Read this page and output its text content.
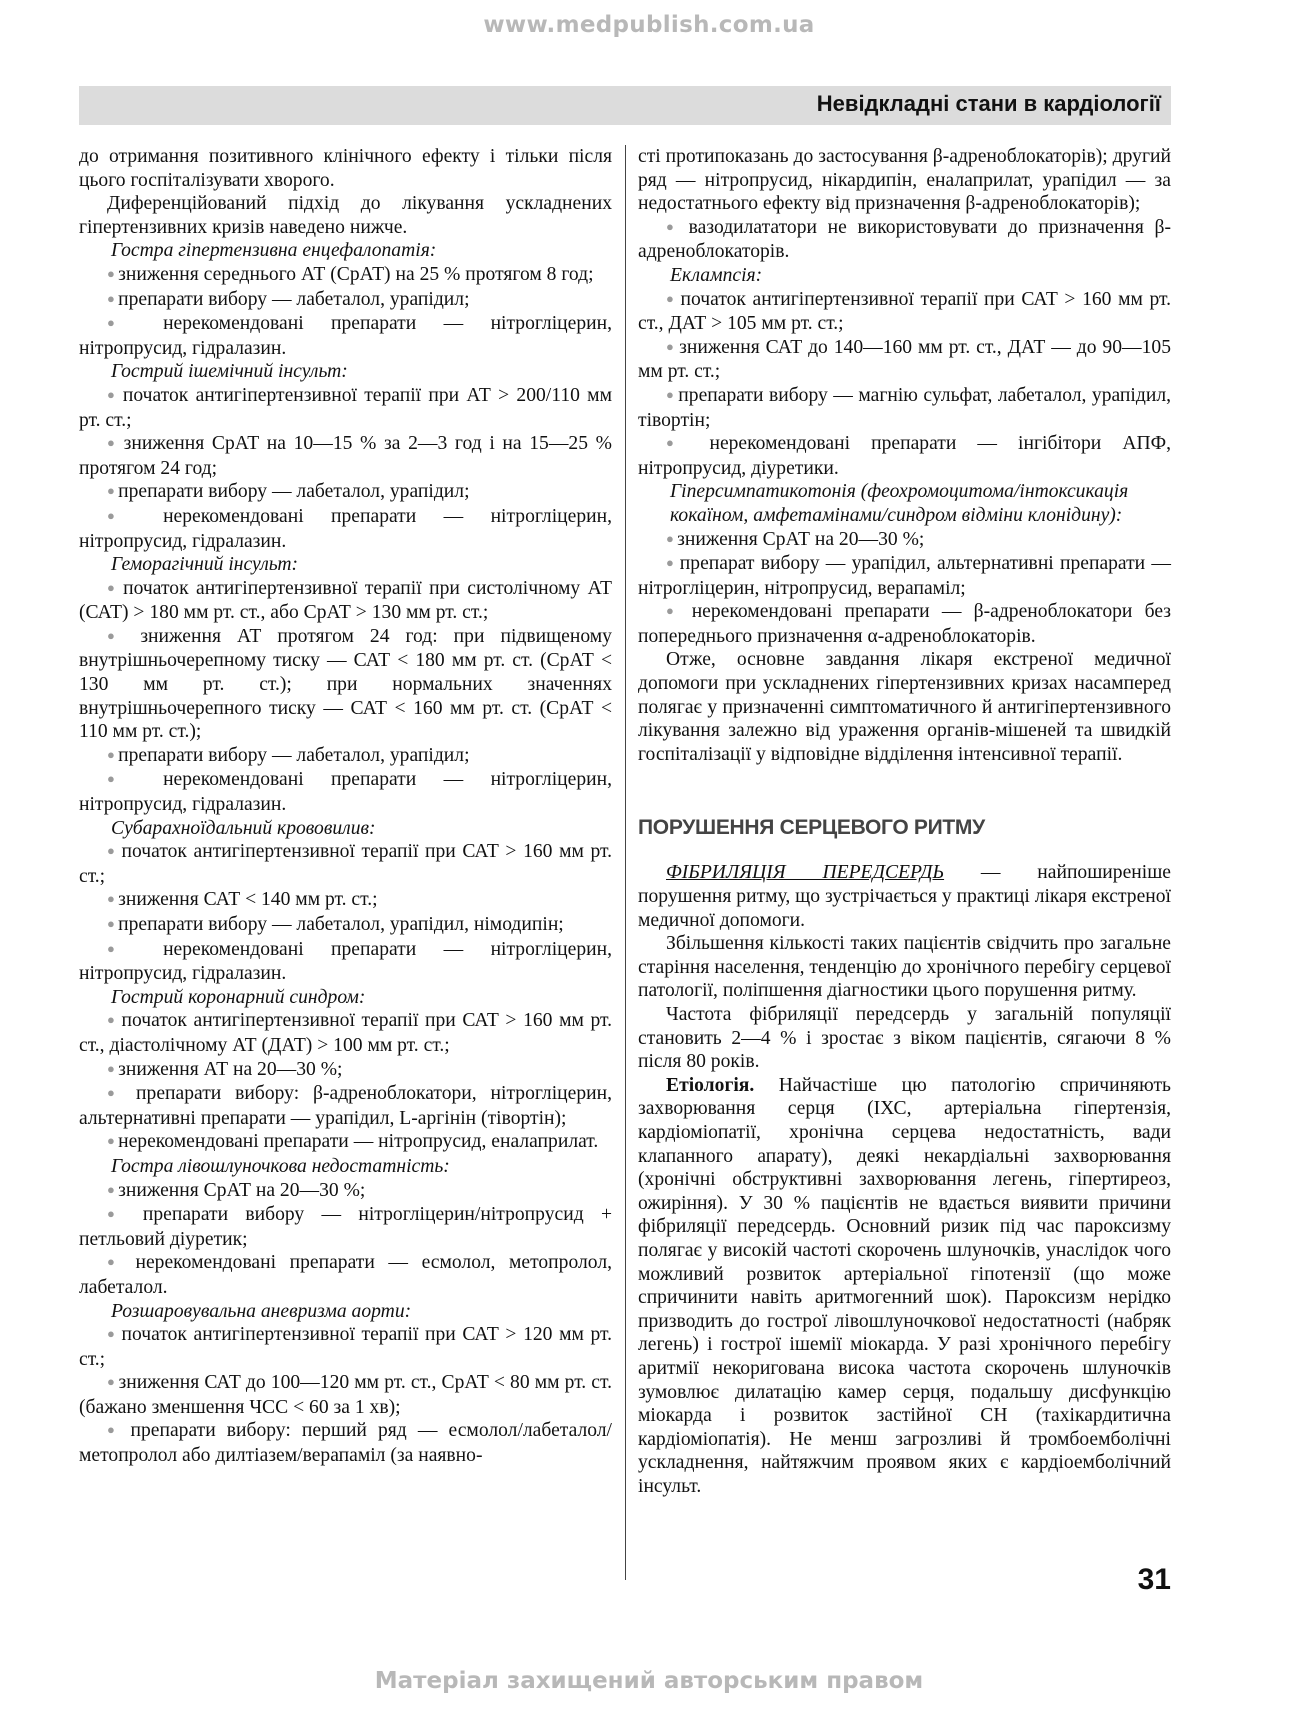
www.medpublish.com.ua
Невідкладні стани в кардіології
до отримання позитивного клінічного ефекту і тільки після цього госпіталізувати хворого.
Диференційований підхід до лікування ускладнених гіпертензивних кризів наведено нижче.
Гостра гіпертензивна енцефалопатія:
● зниження середнього АТ (СрАТ) на 25 % протягом 8 год;
● препарати вибору — лабеталол, урапідил;
● нерекомендовані препарати — нітрогліцерин, нітропрусид, гідралазин.
Гострий ішемічний інсульт:
● початок антигіпертензивної терапії при АТ > 200/110 мм рт. ст.;
● зниження СрАТ на 10—15 % за 2—3 год і на 15—25 % протягом 24 год;
● препарати вибору — лабеталол, урапідил;
● нерекомендовані препарати — нітрогліцерин, нітропрусид, гідралазин.
Геморагічний інсульт:
● початок антигіпертензивної терапії при систолічному АТ (САТ) > 180 мм рт. ст., або СрАТ > 130 мм рт. ст.;
● зниження АТ протягом 24 год: при підвищеному внутрішньочерепному тиску — САТ < 180 мм рт. ст. (СрАТ < 130 мм рт. ст.); при нормальних значеннях внутрішньочерепного тиску — САТ < 160 мм рт. ст. (СрАТ < 110 мм рт. ст.);
● препарати вибору — лабеталол, урапідил;
● нерекомендовані препарати — нітрогліцерин, нітропрусид, гідралазин.
Субарахноїдальний крововилив:
● початок антигіпертензивної терапії при САТ > 160 мм рт. ст.;
● зниження САТ < 140 мм рт. ст.;
● препарати вибору — лабеталол, урапідил, німодипін;
● нерекомендовані препарати — нітрогліцерин, нітропрусид, гідралазин.
Гострий коронарний синдром:
● початок антигіпертензивної терапії при САТ > 160 мм рт. ст., діастолічному АТ (ДАТ) > 100 мм рт. ст.;
● зниження АТ на 20—30 %;
● препарати вибору: β-адреноблокатори, нітрогліцерин, альтернативні препарати — урапідил, L-аргінін (тівортін);
● нерекомендовані препарати — нітропрусид, еналаприлат.
Гостра лівошлуночкова недостатність:
● зниження СрАТ на 20—30 %;
● препарати вибору — нітрогліцерин/нітропрусид + петльовий діуретик;
● нерекомендовані препарати — есмолол, метопролол, лабеталол.
Розшаровувальна аневризма аорти:
● початок антигіпертензивної терапії при САТ > 120 мм рт. ст.;
● зниження САТ до 100—120 мм рт. ст., СрАТ < 80 мм рт. ст. (бажано зменшення ЧСС < 60 за 1 хв);
● препарати вибору: перший ряд — есмолол/лабеталол/метопролол або дилтіазем/верапаміл (за наявно-
сті протипоказань до застосування β-адреноблокаторів); другий ряд — нітропрусид, нікардипін, еналаприлат, урапідил — за недостатнього ефекту від призначення β-адреноблокаторів);
● вазодилататори не використовувати до призначення β-адреноблокаторів.
Еклампсія:
● початок антигіпертензивної терапії при САТ > 160 мм рт. ст., ДАТ > 105 мм рт. ст.;
● зниження САТ до 140—160 мм рт. ст., ДАТ — до 90—105 мм рт. ст.;
● препарати вибору — магнію сульфат, лабеталол, урапідил, тівортін;
● нерекомендовані препарати — інгібітори АПФ, нітропрусид, діуретики.
Гіперсимпатикотонія (феохромоцитома/інтоксикація кокаїном, амфетамінами/синдром відміни клонідину):
● зниження СрАТ на 20—30 %;
● препарат вибору — урапідил, альтернативні препарати — нітрогліцерин, нітропрусид, верапаміл;
● нерекомендовані препарати — β-адреноблокатори без попереднього призначення α-адреноблокаторів.
Отже, основне завдання лікаря екстреної медичної допомоги при ускладнених гіпертензивних кризах насамперед полягає у призначенні симптоматичного й антигіпертензивного лікування залежно від ураження органів-мішеней та швидкій госпіталізації у відповідне відділення інтенсивної терапії.
ПОРУШЕННЯ СЕРЦЕВОГО РИТМУ
ФІБРИЛЯЦІЯ ПЕРЕДСЕРДЬ — найпоширеніше порушення ритму, що зустрічається у практиці лікаря екстреної медичної допомоги.
Збільшення кількості таких пацієнтів свідчить про загальне старіння населення, тенденцію до хронічного перебігу серцевої патології, поліпшення діагностики цього порушення ритму.
Частота фібриляції передсердь у загальній популяції становить 2—4 % і зростає з віком пацієнтів, сягаючи 8 % після 80 років.
Етіологія. Найчастіше цю патологію спричиняють захворювання серця (ІХС, артеріальна гіпертензія, кардіоміопатії, хронічна серцева недостатність, вади клапанного апарату), деякі некардіальні захворювання (хронічні обструктивні захворювання легень, гіпертиреоз, ожиріння). У 30 % пацієнтів не вдається виявити причини фібриляції передсердь. Основний ризик під час пароксизму полягає у високій частоті скорочень шлуночків, унаслідок чого можливий розвиток артеріальної гіпотензії (що може спричинити навіть аритмогенний шок). Пароксизм нерідко призводить до гострої лівошлуночкової недостатності (набряк легень) і гострої ішемії міокарда. У разі хронічного перебігу аритмії некоригована висока частота скорочень шлуночків зумовлює дилатацію камер серця, подальшу дисфункцію міокарда і розвиток застійної СН (тахікардитична кардіоміопатія). Не менш загрозливі й тромбоемболічні ускладнення, найтяжчим проявом яких є кардіоемболічний інсульт.
31
Матеріал захищений авторським правом
